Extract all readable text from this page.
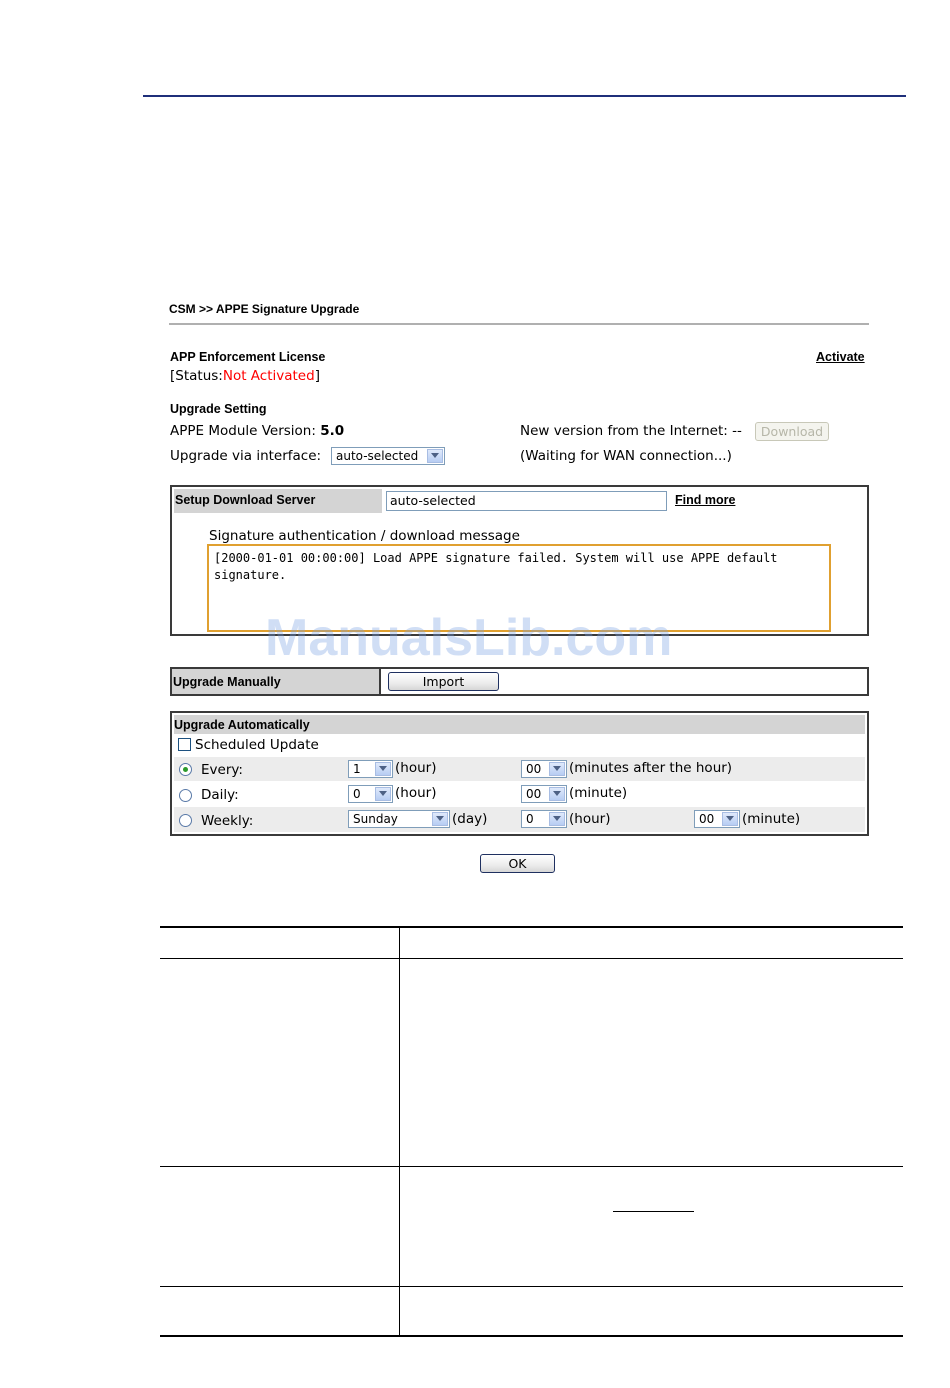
CSM >> APPE Signature Upgrade
APP Enforcement License
[Status:Not Activated]
Activate
Upgrade Setting
APPE Module Version: 5.0
Upgrade via interface: auto-selected
New version from the Internet: --	Download
(Waiting for WAN connection...)
Setup Download Server	auto-selected	Find more
Signature authentication / download message
[2000-01-01 00:00:00] Load APPE signature failed. System will use APPE default signature.
ManualsLib.com
Upgrade Manually	Import
Upgrade Automatically
Scheduled Update
Every:	1	(hour)	00 (minutes after the hour)
Daily:	0	(hour)	00 (minute)
Weekly:	Sunday	(day)	0	(hour)	00 (minute)
OK
